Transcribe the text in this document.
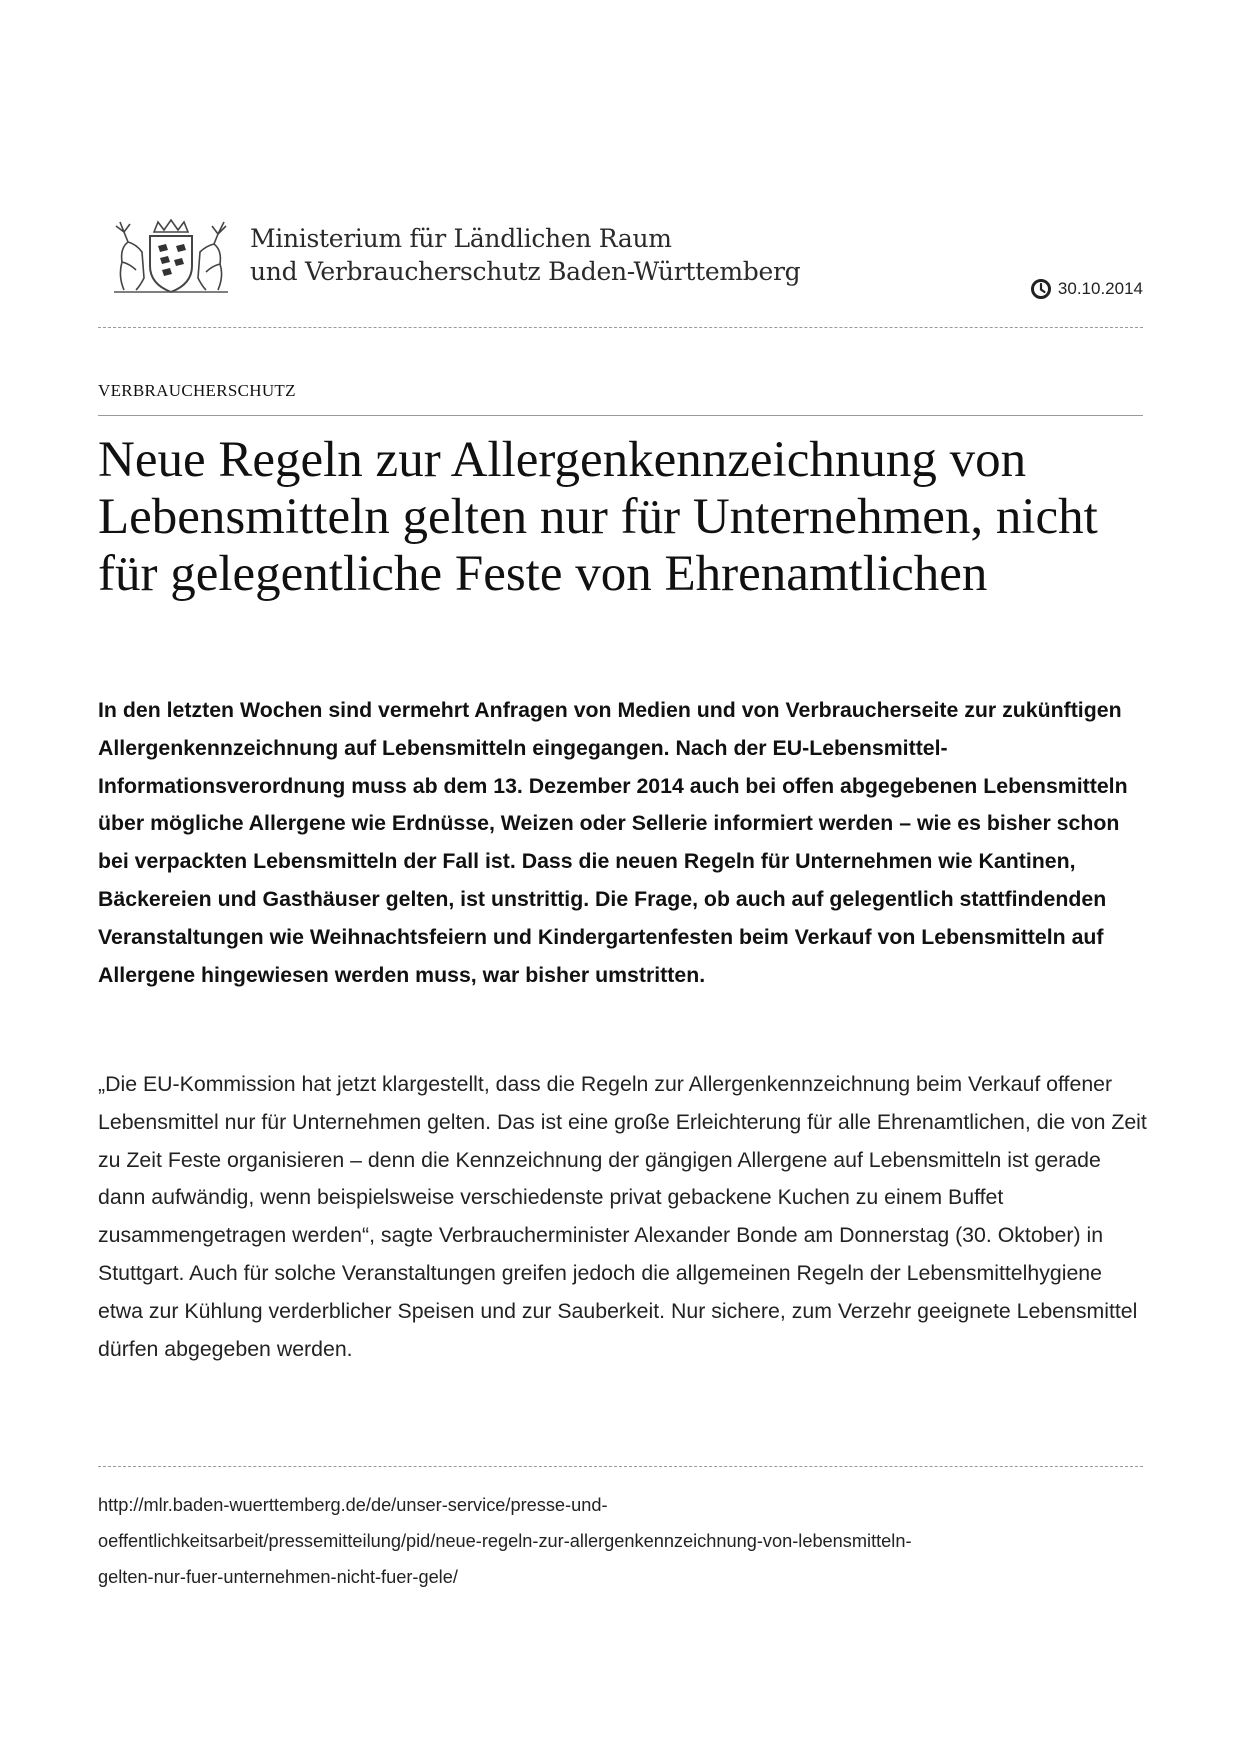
Ministerium für Ländlichen Raum
und Verbraucherschutz Baden-Württemberg
30.10.2014
VERBRAUCHERSCHUTZ
Neue Regeln zur Allergenkennzeichnung von Lebensmitteln gelten nur für Unternehmen, nicht für gelegentliche Feste von Ehrenamtlichen

In den letzten Wochen sind vermehrt Anfragen von Medien und von Verbraucherseite zur zukünftigen Allergenkennzeichnung auf Lebensmitteln eingegangen. Nach der EU-Lebensmittel-Informationsverordnung muss ab dem 13. Dezember 2014 auch bei offen abgegebenen Lebensmitteln über mögliche Allergene wie Erdnüsse, Weizen oder Sellerie informiert werden – wie es bisher schon bei verpackten Lebensmitteln der Fall ist. Dass die neuen Regeln für Unternehmen wie Kantinen, Bäckereien und Gasthäuser gelten, ist unstrittig. Die Frage, ob auch auf gelegentlich stattfindenden Veranstaltungen wie Weihnachtsfeiern und Kindergartenfesten beim Verkauf von Lebensmitteln auf Allergene hingewiesen werden muss, war bisher umstritten.

„Die EU-Kommission hat jetzt klargestellt, dass die Regeln zur Allergenkennzeichnung beim Verkauf offener Lebensmittel nur für Unternehmen gelten. Das ist eine große Erleichterung für alle Ehrenamtlichen, die von Zeit zu Zeit Feste organisieren – denn die Kennzeichnung der gängigen Allergene auf Lebensmitteln ist gerade dann aufwändig, wenn beispielsweise verschiedenste privat gebackene Kuchen zu einem Buffet zusammengetragen werden“, sagte Verbraucherminister Alexander Bonde am Donnerstag (30. Oktober) in Stuttgart. Auch für solche Veranstaltungen greifen jedoch die allgemeinen Regeln der Lebensmittelhygiene etwa zur Kühlung verderblicher Speisen und zur Sauberkeit. Nur sichere, zum Verzehr geeignete Lebensmittel dürfen abgegeben werden.

http://mlr.baden-wuerttemberg.de/de/unser-service/presse-und-
oeffentlichkeitsarbeit/pressemitteilung/pid/neue-regeln-zur-allergenkennzeichnung-von-lebensmitteln-
gelten-nur-fuer-unternehmen-nicht-fuer-gele/
